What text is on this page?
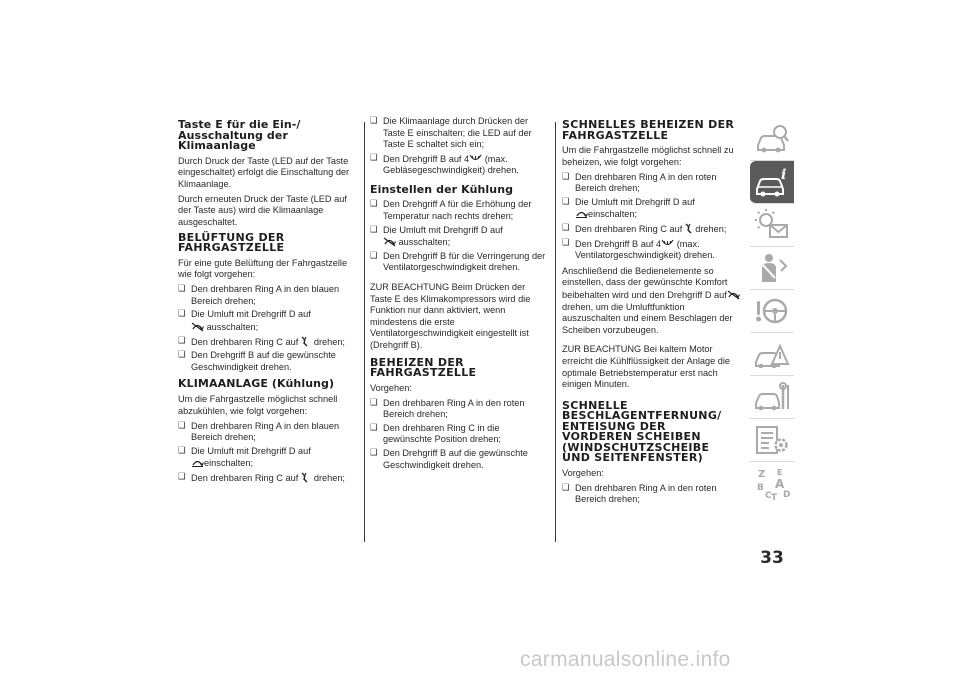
Taste E für die Ein-/ Ausschaltung der Klimaanlage

Durch Druck der Taste (LED auf der Taste eingeschaltet) erfolgt die Einschaltung der Klimaanlage.

Durch erneuten Druck der Taste (LED auf der Taste aus) wird die Klimaanlage ausgeschaltet.

BELÜFTUNG DER FAHRGASTZELLE

Für eine gute Belüftung der Fahrgastzelle wie folgt vorgehen:

❑ Den drehbaren Ring A in den blauen Bereich drehen;
❑ Die Umluft mit Drehgriff D auf

ausschalten;
❑ Den drehbaren Ring C auf drehen;
❑ Den Drehgriff B auf die gewünschte Geschwindigkeit drehen.
KLIMAANLAGE (Kühlung)

Um die Fahrgastzelle möglichst schnell abzukühlen, wie folgt vorgehen:

❑ Den drehbaren Ring A in den blauen Bereich drehen;
❑ Die Umluft mit Drehgriff D auf

einschalten;
❑ Den drehbaren Ring C auf drehen;
❑ Die Klimaanlage durch Drücken der Taste E einschalten; die LED auf der Taste E schaltet sich ein;
❑ Den Drehgriff B auf 4 (max. Gebläsegeschwindigkeit) drehen.
Einstellen der Kühlung
❑ Den Drehgriff A für die Erhöhung der Temperatur nach rechts drehen;
❑ Die Umluft mit Drehgriff D auf

ausschalten;
❑ Den Drehgriff B für die Verringerung der Ventilatorgeschwindigkeit drehen.

ZUR BEACHTUNG Beim Drücken der Taste E des Klimakompressors wird die Funktion nur dann aktiviert, wenn mindestens die erste Ventilatorgeschwindigkeit eingestellt ist (Drehgriff B).

BEHEIZEN DER FAHRGASTZELLE

Vorgehen:

❑ Den drehbaren Ring A in den roten Bereich drehen;
❑ Den drehbaren Ring C in die gewünschte Position drehen;
❑ Den Drehgriff B auf die gewünschte Geschwindigkeit drehen.
SCHNELLES BEHEIZEN DER FAHRGASTZELLE

Um die Fahrgastzelle möglichst schnell zu beheizen, wie folgt vorgehen:

❑ Den drehbaren Ring A in den roten Bereich drehen;
❑ Die Umluft mit Drehgriff D auf

einschalten;
❑ Den drehbaren Ring C auf drehen;
❑ Den Drehgriff B auf 4 (max. Ventilatorgeschwindigkeit) drehen.

Anschließend die Bedienelemente so einstellen, dass der gewünschte Komfort beibehalten wird und den Drehgriff D auf
drehen, um die Umluftfunktion auszuschalten und einem Beschlagen der Scheiben vorzubeugen.

ZUR BEACHTUNG Bei kaltem Motor erreicht die Kühlflüssigkeit der Anlage die optimale Betriebstemperatur erst nach einigen Minuten.

SCHNELLE BESCHLAGENTFERNUNG/ ENTEISUNG DER VORDEREN SCHEIBEN (WINDSCHUTZSCHEIBE UND SEITENFENSTER)

Vorgehen:

❑ Den drehbaren Ring A in den roten Bereich drehen;
i
Z E
A
B
C T D
33
carmanualsonline.info
